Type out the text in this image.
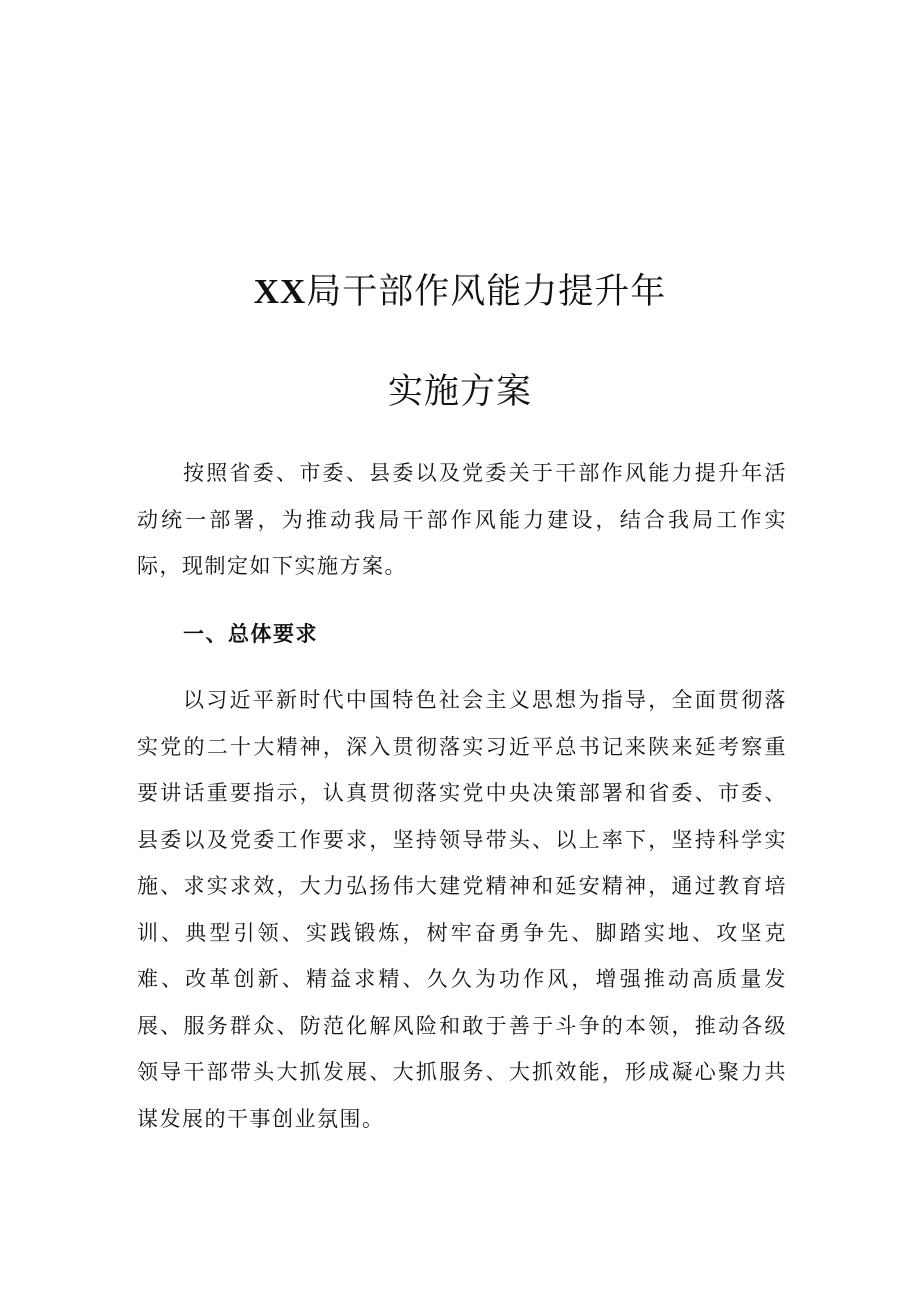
XX局干部作风能力提升年
实施方案

按照省委、市委、县委以及党委关于干部作风能力提升年活动统一部署，为推动我局干部作风能力建设，结合我局工作实际，现制定如下实施方案。

一、总体要求

以习近平新时代中国特色社会主义思想为指导，全面贯彻落实党的二十大精神，深入贯彻落实习近平总书记来陕来延考察重要讲话重要指示，认真贯彻落实党中央决策部署和省委、市委、县委以及党委工作要求，坚持领导带头、以上率下，坚持科学实施、求实求效，大力弘扬伟大建党精神和延安精神，通过教育培训、典型引领、实践锻炼，树牢奋勇争先、脚踏实地、攻坚克难、改革创新、精益求精、久久为功作风，增强推动高质量发展、服务群众、防范化解风险和敢于善于斗争的本领，推动各级领导干部带头大抓发展、大抓服务、大抓效能，形成凝心聚力共谋发展的干事创业氛围。
